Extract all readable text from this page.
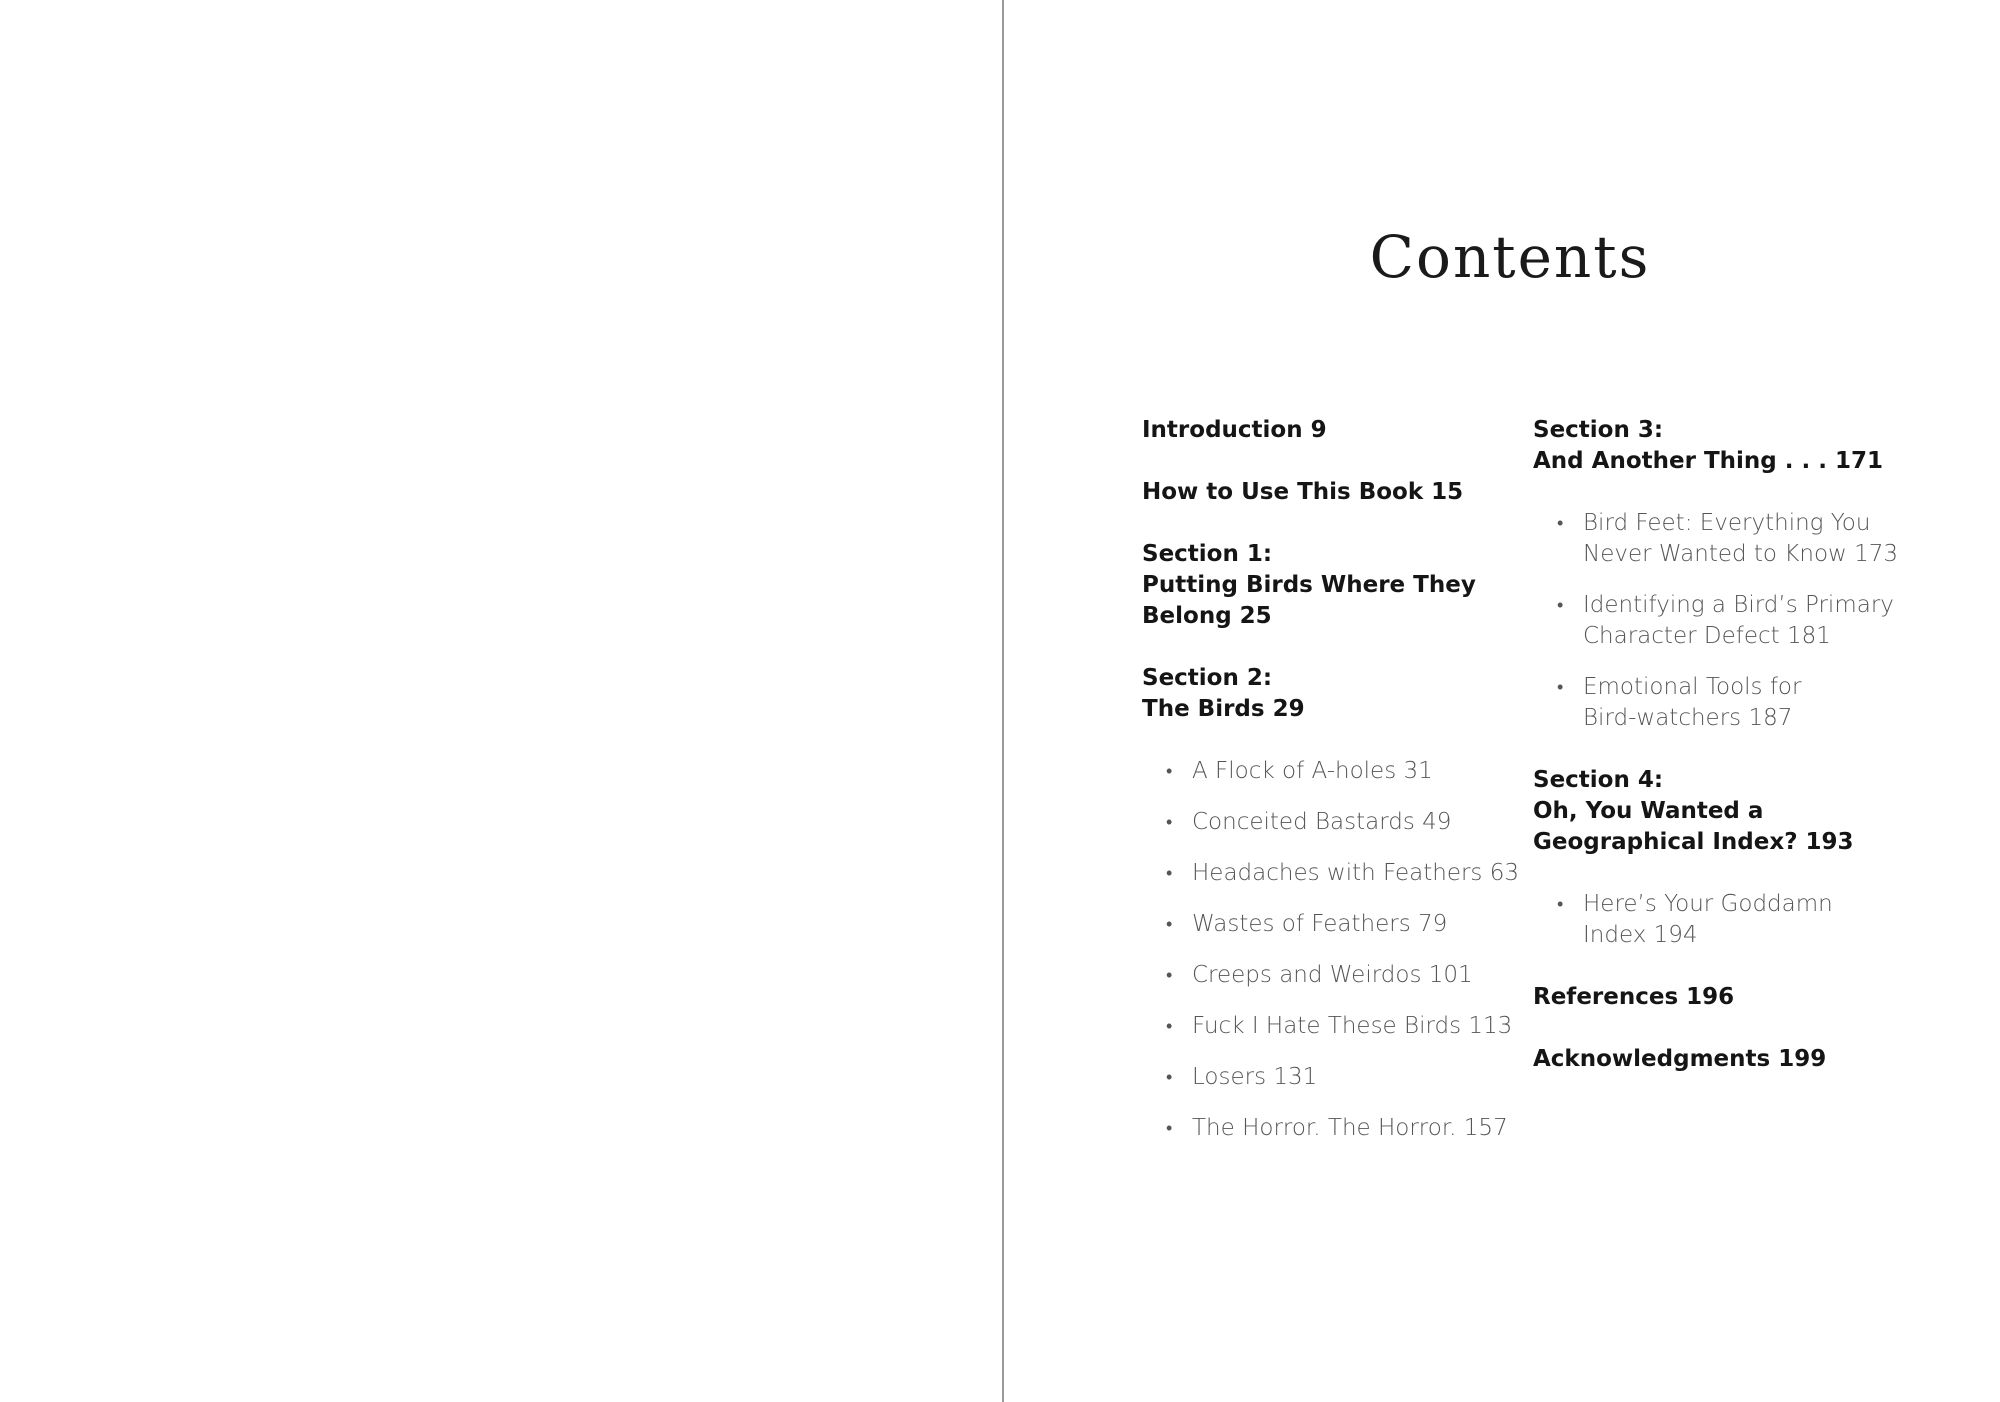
Contents
Introduction 9
How to Use This Book 15
Section 1:
Putting Birds Where They
Belong 25
Section 2:
The Birds 29
• A Flock of A-holes 31
• Conceited Bastards 49
• Headaches with Feathers 63
• Wastes of Feathers 79
• Creeps and Weirdos 101
• Fuck I Hate These Birds 113
• Losers 131
• The Horror. The Horror. 157
Section 3:
And Another Thing . . . 171
• Bird Feet: Everything You
Never Wanted to Know 173
• Identifying a Bird’s Primary
Character Defect 181
• Emotional Tools for
Bird-watchers 187
Section 4:
Oh, You Wanted a
Geographical Index? 193
• Here’s Your Goddamn
Index 194
References 196
Acknowledgments 199
